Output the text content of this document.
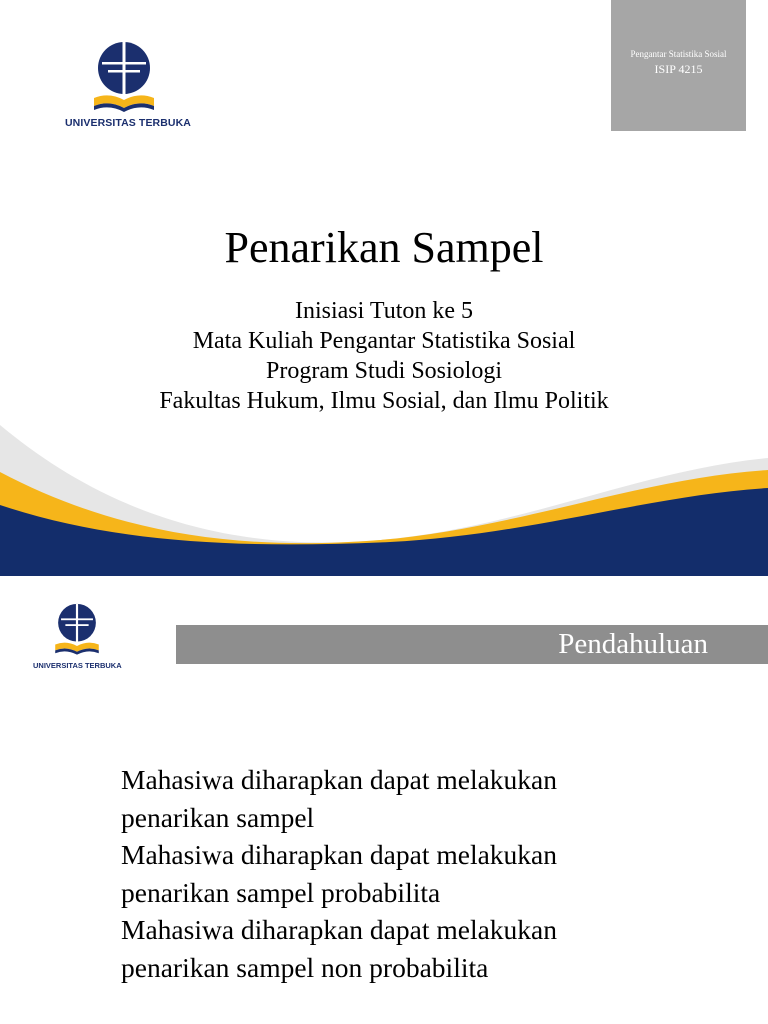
UNIVERSITAS TERBUKA
Pengantar Statistika Sosial
ISIP 4215
Penarikan Sampel
Inisiasi Tuton ke 5
Mata Kuliah Pengantar Statistika Sosial
Program Studi Sosiologi
Fakultas Hukum, Ilmu Sosial, dan Ilmu Politik
UNIVERSITAS TERBUKA
Pendahuluan
Mahasiwa diharapkan dapat melakukan
penarikan sampel
Mahasiwa diharapkan dapat melakukan
penarikan sampel probabilita
Mahasiwa diharapkan dapat melakukan
penarikan sampel non probabilita
